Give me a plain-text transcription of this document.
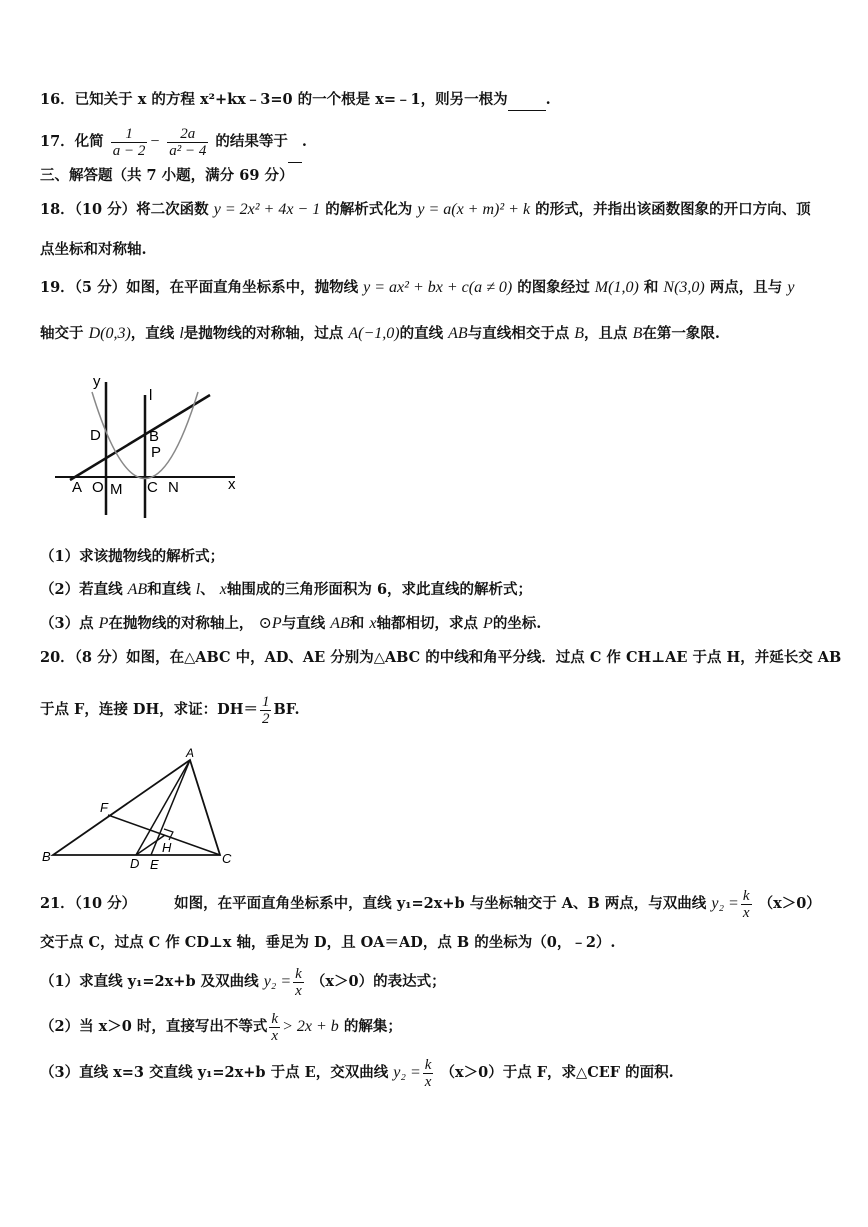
16．已知关于 x 的方程 x²+kx﹣3=0 的一个根是 x=﹣1，则另一根为	.
17．化简 $\frac{1}{a - 2} - \frac{2a}{\text{a² − 4}}$ 的结果等于 .
三、解答题（共 7 小题，满分 69 分）
18．（10 分）将二次函数 y = 2x² + 4x − 1 的解析式化为 y = a(x + m)² + k 的形式，并指出该函数图象的开口方向、顶
点坐标和对称轴.
19．（5 分）如图，在平面直角坐标系中，抛物线 y = ax² + bx + c(a ≠ 0) 的图象经过 M(1,0) 和 N(3,0) 两点，且与 y
轴交于 D(0,3)，直线 l是抛物线的对称轴，过点 A(−1,0)的直线 AB与直线相交于点 B，且点 B在第一象限.
y
l
D	B
P
A O M C N	x
（1）求该抛物线的解析式；
（2）若直线 AB和直线 l、 x轴围成的三角形面积为 6，求此直线的解析式；
（3）点 P在抛物线的对称轴上， ⊙P与直线 AB和 x轴都相切，求点 P的坐标.
20．（8 分）如图，在△ABC 中，AD、AE 分别为△ABC 的中线和角平分线．过点 C 作 CH⊥AE 于点 H，并延长交 AB
于点 F，连接 DH，求证：$DH= \frac{1}{2}$ BF.
A
F
B	D E
H
C
21．（10 分）	如图，在平面直角坐标系中，直线 y₁=2x+b 与坐标轴交于 A、B 两点，与双曲线 $y_2 = \frac{k}{x} (x>0)$
交于点 C，过点 C 作 CD⊥x 轴，垂足为 D，且 OA＝AD，点 B 的坐标为（0，﹣2）.
（1）求直线 y₁=2x+b 及双曲线 $y_2 = \frac{k}{x} (x>0)$的表达式；
（2）当 x＞0 时，直接写出不等式 $\frac{k}{x} > 2x + b$ 的解集；
（3）直线 x=3 交直线 y₁=2x+b 于点 E，交双曲线 $y_2 = \frac{k}{x} (x>0)$于点 F，求△CEF 的面积.
